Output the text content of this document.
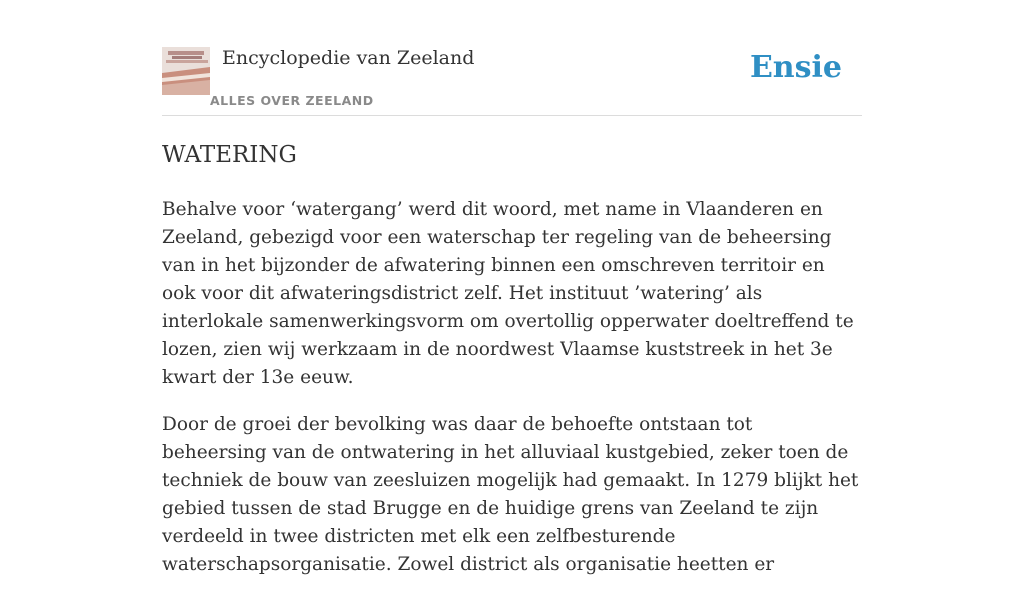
Encyclopedie van Zeeland
ALLES OVER ZEELAND
Ensie
WATERING

Behalve voor ‘watergang’ werd dit woord, met name in Vlaanderen en Zeeland, gebezigd voor een waterschap ter regeling van de beheersing van in het bijzonder de afwatering binnen een omschreven territoir en ook voor dit afwateringsdistrict zelf. Het instituut ’watering’ als interlokale samenwerkingsvorm om overtollig opperwater doeltreffend te lozen, zien wij werkzaam in de noordwest Vlaamse kuststreek in het 3e kwart der 13e eeuw.

Door de groei der bevolking was daar de behoefte ontstaan tot beheersing van de ontwatering in het alluviaal kustgebied, zeker toen de techniek de bouw van zeesluizen mogelijk had gemaakt. In 1279 blijkt het gebied tussen de stad Brugge en de huidige grens van Zeeland te zijn verdeeld in twee districten met elk een zelfbesturende waterschapsorganisatie. Zowel district als organisatie heetten er
